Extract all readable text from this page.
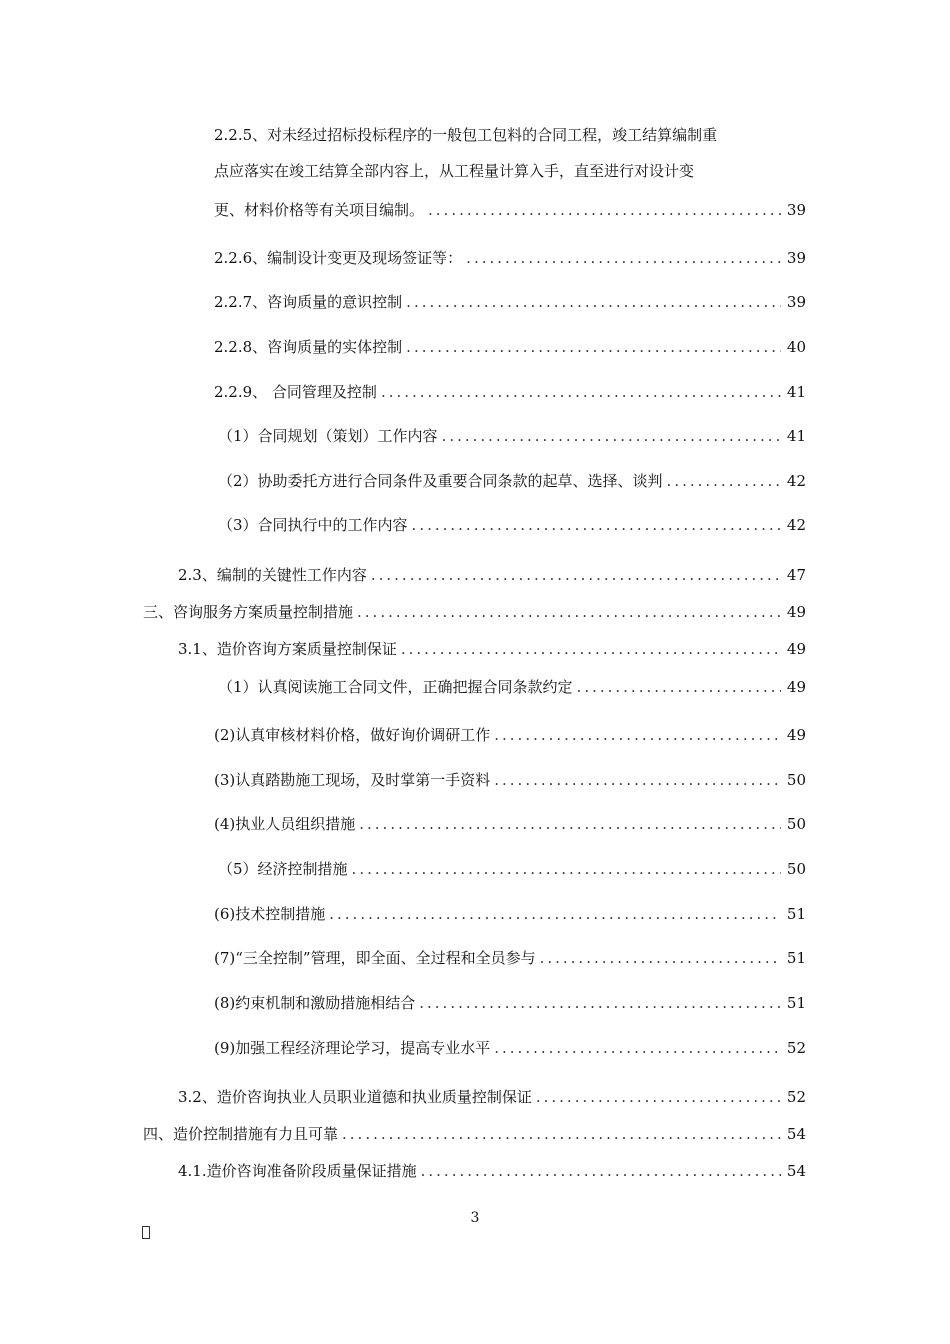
2.2.5、对未经过招标投标程序的一般包工包料的合同工程，竣工结算编制重
点应落实在竣工结算全部内容上，从工程量计算入手，直至进行对设计变
更、材料价格等有关项目编制。 .....	39
2.2.6、编制设计变更及现场签证等： .....	39
2.2.7、咨询质量的意识控制 .....	39
2.2.8、咨询质量的实体控制 .....	40
2.2.9、 合同管理及控制 .....	41
（1）合同规划（策划）工作内容 .....	41
（2）协助委托方进行合同条件及重要合同条款的起草、选择、谈判 .....	42
（3）合同执行中的工作内容 .....	42
2.3、编制的关键性工作内容 .....	47
三、咨询服务方案质量控制措施 .....	49
3.1、造价咨询方案质量控制保证 .....	49
（1）认真阅读施工合同文件，正确把握合同条款约定 .....	49
(2)认真审核材料价格，做好询价调研工作 .....	49
(3)认真踏勘施工现场，及时掌第一手资料 .....	50
(4)执业人员组织措施 .....	50
（5）经济控制措施 .....	50
(6)技术控制措施 .....	51
(7)“三全控制”管理，即全面、全过程和全员参与 .....	51
(8)约束机制和激励措施相结合 .....	51
(9)加强工程经济理论学习，提高专业水平 .....	52
3.2、造价咨询执业人员职业道德和执业质量控制保证 .....	52
四、造价控制措施有力且可靠 .....	54
4.1.造价咨询准备阶段质量保证措施 .....	54
3
